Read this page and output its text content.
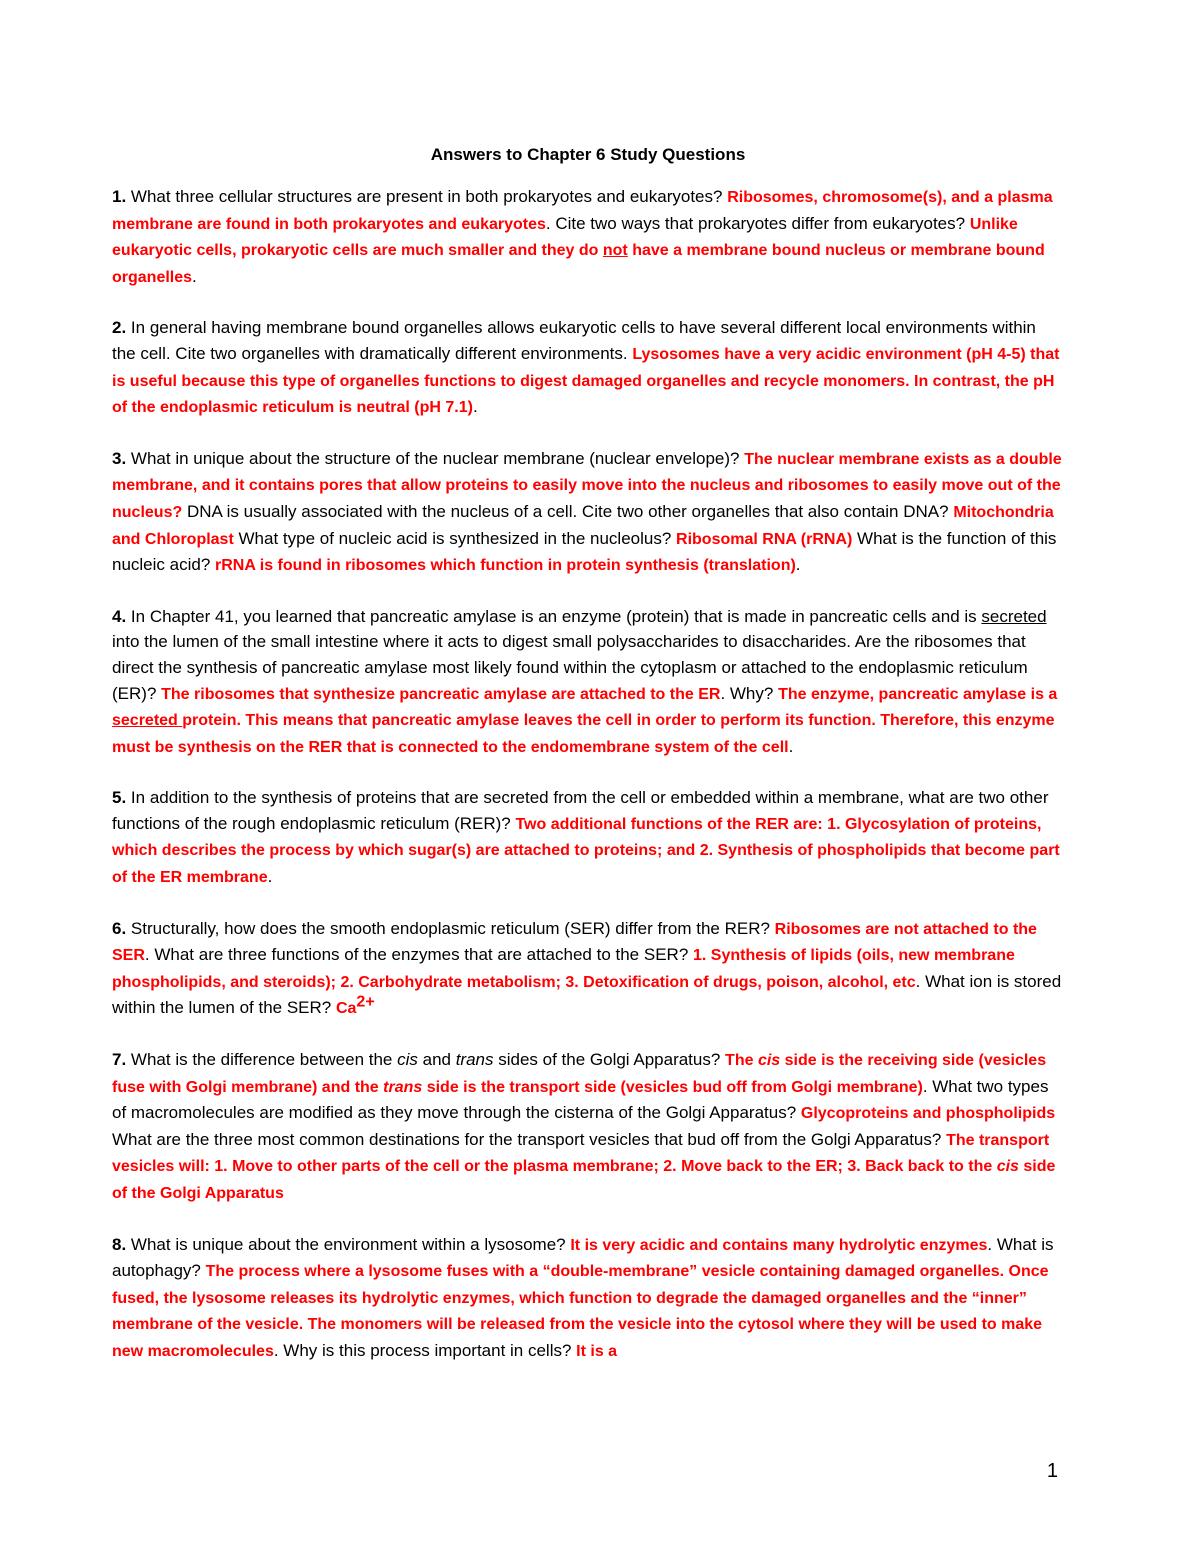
Answers to Chapter 6 Study Questions

1. What three cellular structures are present in both prokaryotes and eukaryotes? Ribosomes, chromosome(s), and a plasma membrane are found in both prokaryotes and eukaryotes. Cite two ways that prokaryotes differ from eukaryotes? Unlike eukaryotic cells, prokaryotic cells are much smaller and they do not have a membrane bound nucleus or membrane bound organelles.

2. In general having membrane bound organelles allows eukaryotic cells to have several different local environments within the cell. Cite two organelles with dramatically different environments. Lysosomes have a very acidic environment (pH 4-5) that is useful because this type of organelles functions to digest damaged organelles and recycle monomers. In contrast, the pH of the endoplasmic reticulum is neutral (pH 7.1).

3. What in unique about the structure of the nuclear membrane (nuclear envelope)? The nuclear membrane exists as a double membrane, and it contains pores that allow proteins to easily move into the nucleus and ribosomes to easily move out of the nucleus? DNA is usually associated with the nucleus of a cell. Cite two other organelles that also contain DNA? Mitochondria and Chloroplast What type of nucleic acid is synthesized in the nucleolus? Ribosomal RNA (rRNA) What is the function of this nucleic acid? rRNA is found in ribosomes which function in protein synthesis (translation).

4. In Chapter 41, you learned that pancreatic amylase is an enzyme (protein) that is made in pancreatic cells and is secreted into the lumen of the small intestine where it acts to digest small polysaccharides to disaccharides. Are the ribosomes that direct the synthesis of pancreatic amylase most likely found within the cytoplasm or attached to the endoplasmic reticulum (ER)? The ribosomes that synthesize pancreatic amylase are attached to the ER. Why? The enzyme, pancreatic amylase is a secreted protein. This means that pancreatic amylase leaves the cell in order to perform its function. Therefore, this enzyme must be synthesis on the RER that is connected to the endomembrane system of the cell.

5. In addition to the synthesis of proteins that are secreted from the cell or embedded within a membrane, what are two other functions of the rough endoplasmic reticulum (RER)? Two additional functions of the RER are: 1. Glycosylation of proteins, which describes the process by which sugar(s) are attached to proteins; and 2. Synthesis of phospholipids that become part of the ER membrane.

6. Structurally, how does the smooth endoplasmic reticulum (SER) differ from the RER? Ribosomes are not attached to the SER. What are three functions of the enzymes that are attached to the SER? 1. Synthesis of lipids (oils, new membrane phospholipids, and steroids); 2. Carbohydrate metabolism; 3. Detoxification of drugs, poison, alcohol, etc. What ion is stored within the lumen of the SER? $Ca^{2+}$

7. What is the difference between the cis and trans sides of the Golgi Apparatus? The cis side is the receiving side (vesicles fuse with Golgi membrane) and the trans side is the transport side (vesicles bud off from Golgi membrane). What two types of macromolecules are modified as they move through the cisterna of the Golgi Apparatus? Glycoproteins and phospholipids What are the three most common destinations for the transport vesicles that bud off from the Golgi Apparatus? The transport vesicles will: 1. Move to other parts of the cell or the plasma membrane; 2. Move back to the ER; 3. Back back to the cis side of the Golgi Apparatus

8. What is unique about the environment within a lysosome? It is very acidic and contains many hydrolytic enzymes. What is autophagy? The process where a lysosome fuses with a “double-membrane” vesicle containing damaged organelles. Once fused, the lysosome releases its hydrolytic enzymes, which function to degrade the damaged organelles and the “inner” membrane of the vesicle. The monomers will be released from the vesicle into the cytosol where they will be used to make new macromolecules. Why is this process important in cells? It is a

1
